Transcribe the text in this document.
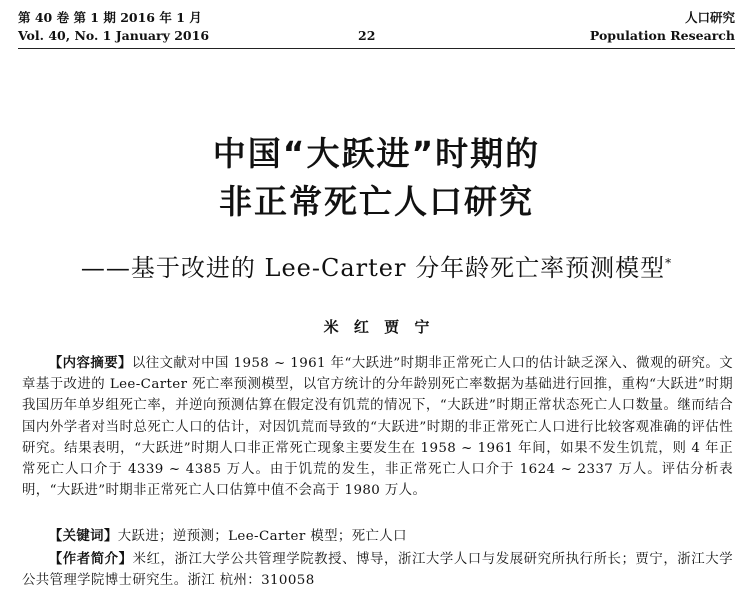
第 40 卷 第 1 期 2016 年 1 月	人口研究
Vol. 40, No. 1 January 2016	22	Population Research
中国“大跃进”时期的
非正常死亡人口研究
——基于改进的 Lee-Carter 分年龄死亡率预测模型*
米 红 贾 宁
【内容摘要】以往文献对中国 1958 ~ 1961 年“大跃进”时期非正常死亡人口的估计缺乏深入、微观的研究。文章基于改进的 Lee-Carter 死亡率预测模型，以官方统计的分年龄别死亡率数据为基础进行回推，重构“大跃进”时期我国历年单岁组死亡率，并逆向预测估算在假定没有饥荒的情况下，“大跃进”时期正常状态死亡人口数量。继而结合国内外学者对当时总死亡人口的估计，对因饥荒而导致的“大跃进”时期的非正常死亡人口进行比较客观准确的评估性研究。结果表明，“大跃进”时期人口非正常死亡现象主要发生在 1958 ~ 1961 年间，如果不发生饥荒，则 4 年正常死亡人口介于 4339 ~ 4385 万人。由于饥荒的发生，非正常死亡人口介于 1624 ~ 2337 万人。评估分析表明，“大跃进”时期非正常死亡人口估算中值不会高于 1980 万人。
【关键词】大跃进；逆预测；Lee-Carter 模型；死亡人口
【作者简介】米红，浙江大学公共管理学院教授、博导，浙江大学人口与发展研究所执行所长；贾宁，浙江大学公共管理学院博士研究生。浙江 杭州：310058
